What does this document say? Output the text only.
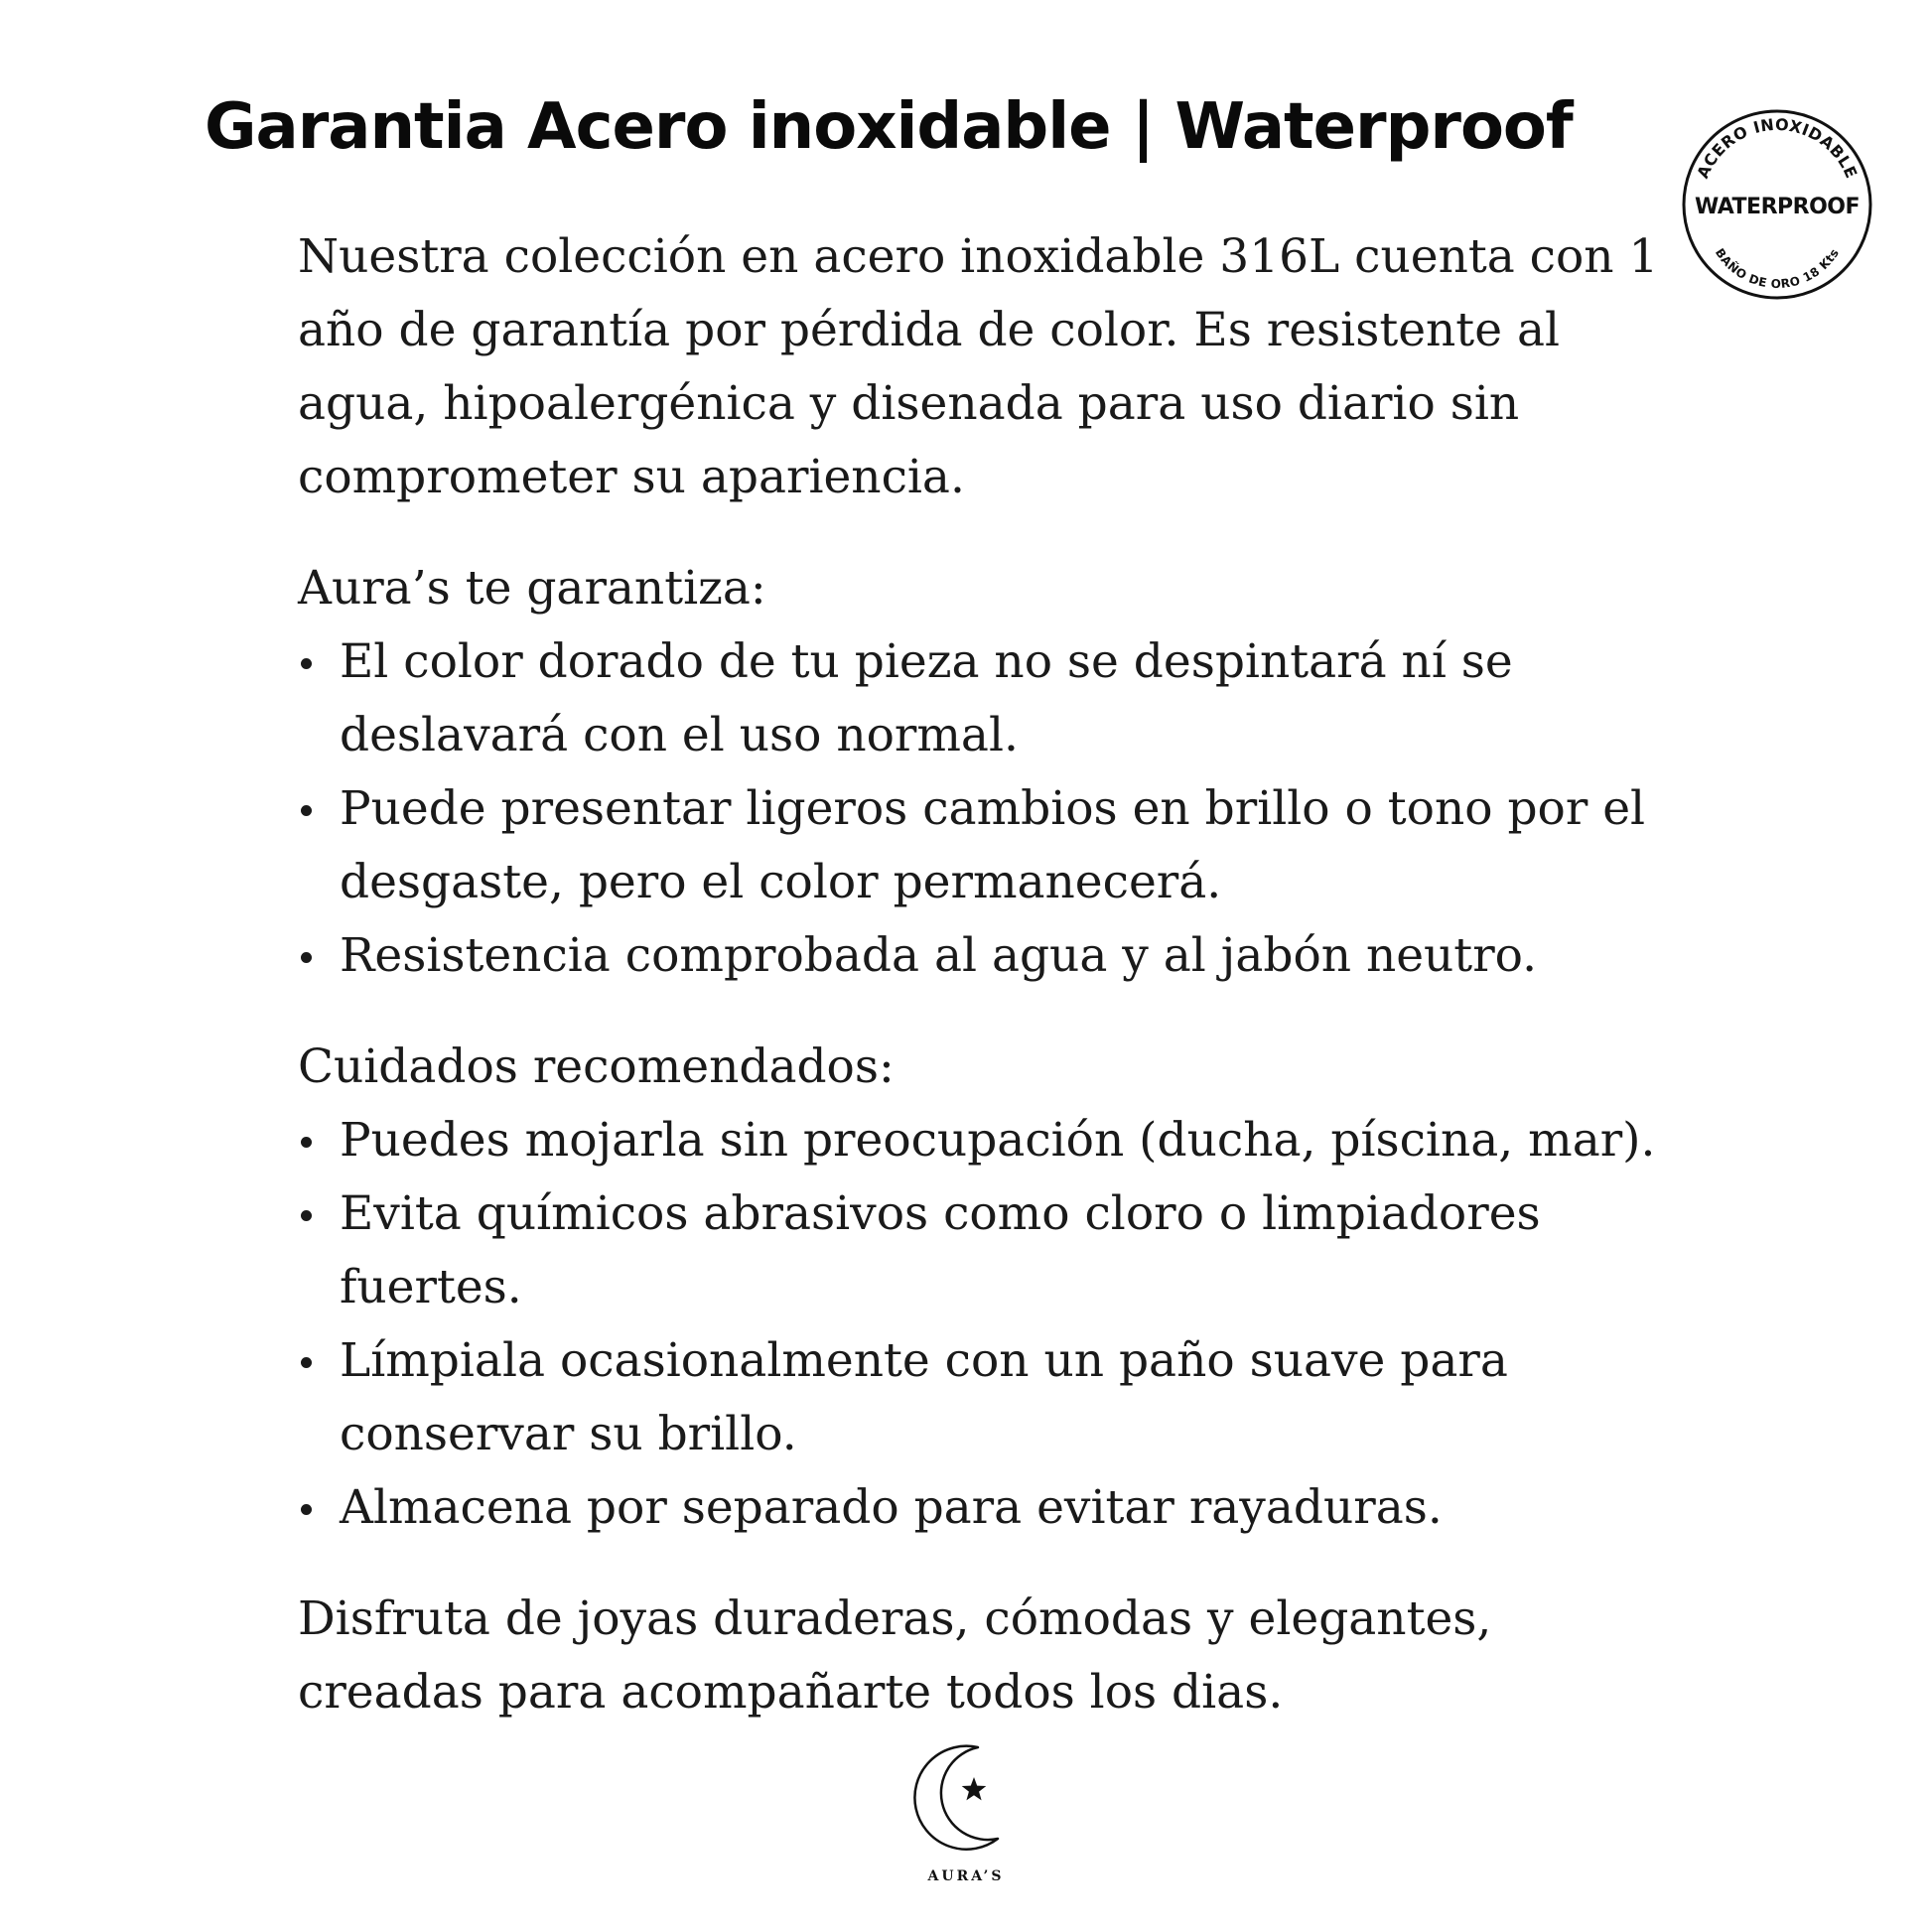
Garantia Acero inoxidable | Waterproof
ACERO INOXIDABLE
WATERPROOF
BAÑO DE ORO 18 Kts

Nuestra colección en acero inoxidable 316L cuenta con 1 año de garantía por pérdida de color. Es resistente al agua, hipoalergénica y disenada para uso diario sin comprometer su apariencia.

Aura’s te garantiza:

El color dorado de tu pieza no se despintará ní se deslavará con el uso normal.
Puede presentar ligeros cambios en brillo o tono por el desgaste, pero el color permanecerá.
Resistencia comprobada al agua y al jabón neutro.

Cuidados recomendados:

Puedes mojarla sin preocupación (ducha, píscina, mar).
Evita químicos abrasivos como cloro o limpiadores fuertes.
Límpiala ocasionalmente con un paño suave para conservar su brillo.
Almacena por separado para evitar rayaduras.

Disfruta de joyas duraderas, cómodas y elegantes, creadas para acompañarte todos los dias.

AURA’S
